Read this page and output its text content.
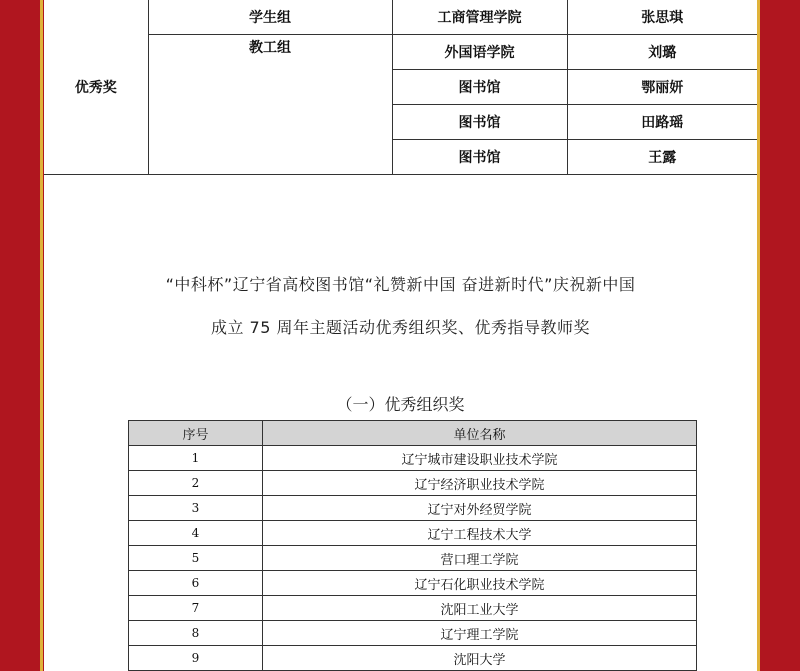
优秀奖	学生组	工商管理学院	张思琪
	教工组	外国语学院	刘璐
		图书馆	鄂丽妍
		图书馆	田路瑶
		图书馆	王露
“中科杯”辽宁省高校图书馆“礼赞新中国 奋进新时代”庆祝新中国
成立 75 周年主题活动优秀组织奖、优秀指导教师奖
（一）优秀组织奖
序号	单位名称
1	辽宁城市建设职业技术学院
2	辽宁经济职业技术学院
3	辽宁对外经贸学院
4	辽宁工程技术大学
5	营口理工学院
6	辽宁石化职业技术学院
7	沈阳工业大学
8	辽宁理工学院
9	沈阳大学
